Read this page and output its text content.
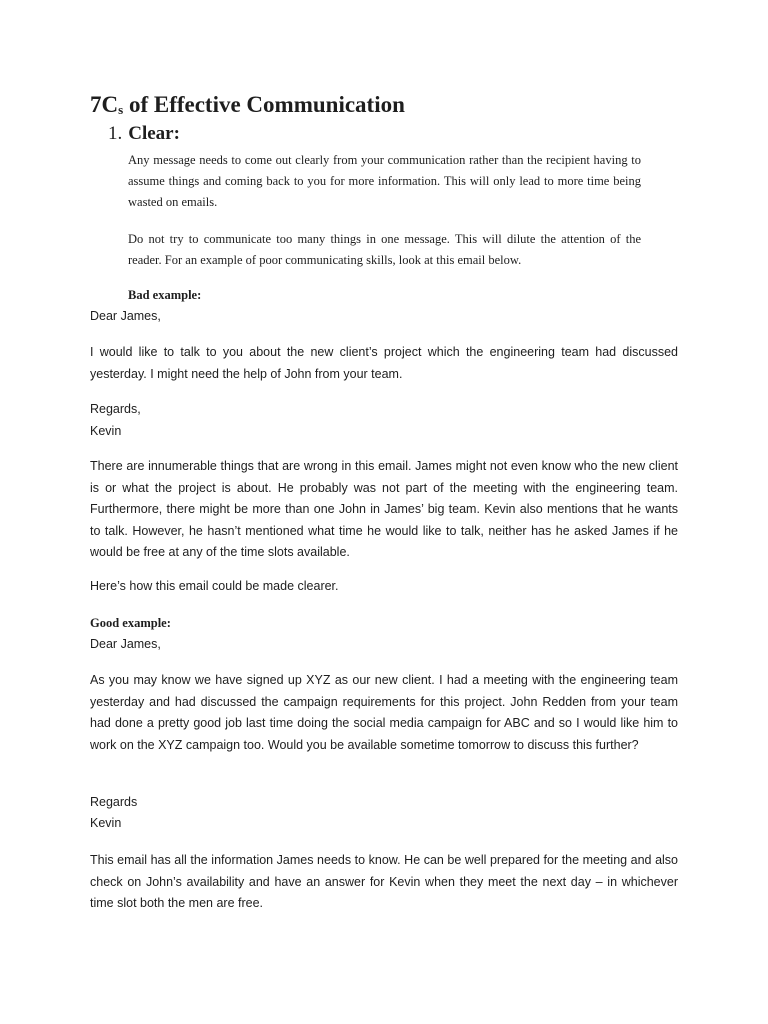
7Cs of Effective Communication
1. Clear:

Any message needs to come out clearly from your communication rather than the recipient having to assume things and coming back to you for more information. This will only lead to more time being wasted on emails.

Do not try to communicate too many things in one message. This will dilute the attention of the reader. For an example of poor communicating skills, look at this email below.

Bad example:

Dear James,

I would like to talk to you about the new client’s project which the engineering team had discussed yesterday. I might need the help of John from your team.

Regards,

Kevin

There are innumerable things that are wrong in this email. James might not even know who the new client is or what the project is about. He probably was not part of the meeting with the engineering team. Furthermore, there might be more than one John in James’ big team. Kevin also mentions that he wants to talk. However, he hasn’t mentioned what time he would like to talk, neither has he asked James if he would be free at any of the time slots available.

Here’s how this email could be made clearer.

Good example:

Dear James,

As you may know we have signed up XYZ as our new client. I had a meeting with the engineering team yesterday and had discussed the campaign requirements for this project. John Redden from your team had done a pretty good job last time doing the social media campaign for ABC and so I would like him to work on the XYZ campaign too. Would you be available sometime tomorrow to discuss this further?

Regards

Kevin

This email has all the information James needs to know. He can be well prepared for the meeting and also check on John’s availability and have an answer for Kevin when they meet the next day – in whichever time slot both the men are free.
